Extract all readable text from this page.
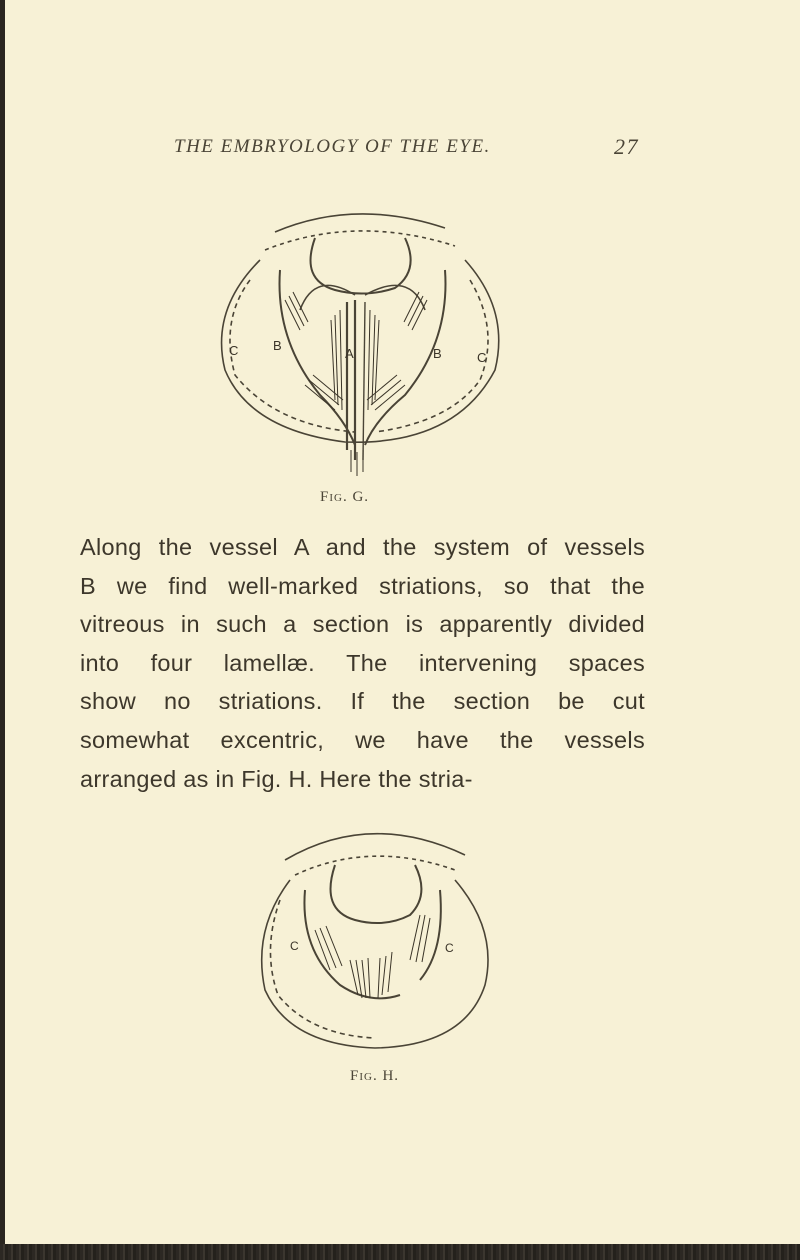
THE EMBRYOLOGY OF THE EYE.	27
C	B
A	B	C
Fig. G.
Along the vessel A and the system of vessels
B we find well-marked striations, so that the
vitreous in such a section is apparently divided
into four lamellæ. The intervening spaces
show no striations. If the section be cut
somewhat excentric, we have the vessels
arranged as in Fig. H. Here the stria-
C	C
Fig. H.
